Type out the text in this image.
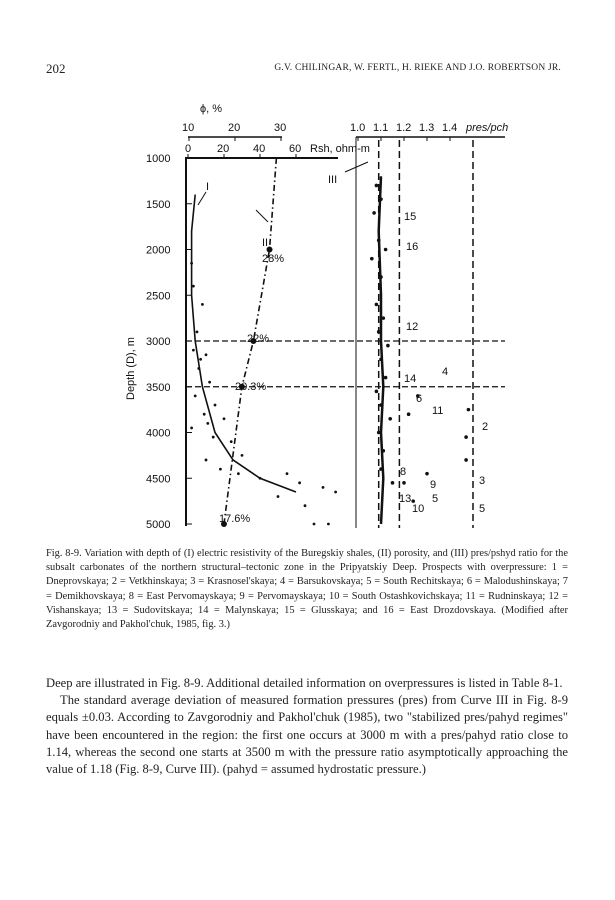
202	G.V. CHILINGAR, W. FERTL, H. RIEKE AND J.O. ROBERTSON JR.
ϕ, %
10	20	30
0 20 40 60 Rsh, ohm-m
1000
1500
2000
2500
3000
3500
4000
4500
5000
Depth (D), m
1.0 1.1 1.2 1.3 1.4 pres/pch
I
II
III
28%
22%
20.3%
17.6%
15
16
12
4
14
6
11
2
8
13
9	3
5
10	5
Fig. 8-9. Variation with depth of (I) electric resistivity of the Buregskiy shales, (II) porosity, and (III) pres/pshyd ratio for the subsalt carbonates of the northern structural–tectonic zone in the Pripyatskiy Deep. Prospects with overpressure: 1 = Dneprovskaya; 2 = Vetkhinskaya; 3 = Krasnosel'skaya; 4 = Barsukovskaya; 5 = South Rechitskaya; 6 = Malodushinskaya; 7 = Demikhovskaya; 8 = East Pervomayskaya; 9 = Pervomayskaya; 10 = South Ostashkovichskaya; 11 = Rudninskaya; 12 = Vishanskaya; 13 = Sudovitskaya; 14 = Malynskaya; 15 = Glusskaya; and 16 = East Drozdovskaya. (Modified after Zavgorodniy and Pakhol'chuk, 1985, fig. 3.)

Deep are illustrated in Fig. 8-9. Additional detailed information on overpressures is listed in Table 8-1.

The standard average deviation of measured formation pressures (pres) from Curve III in Fig. 8-9 equals ±0.03. According to Zavgorodniy and Pakhol'chuk (1985), two "stabilized pres/pahyd regimes" have been encountered in the region: the first one occurs at 3000 m with a pres/pahyd ratio close to 1.14, whereas the second one starts at 3500 m with the pressure ratio asymptotically approaching the value of 1.18 (Fig. 8-9, Curve III). (pahyd = assumed hydrostatic pressure.)
